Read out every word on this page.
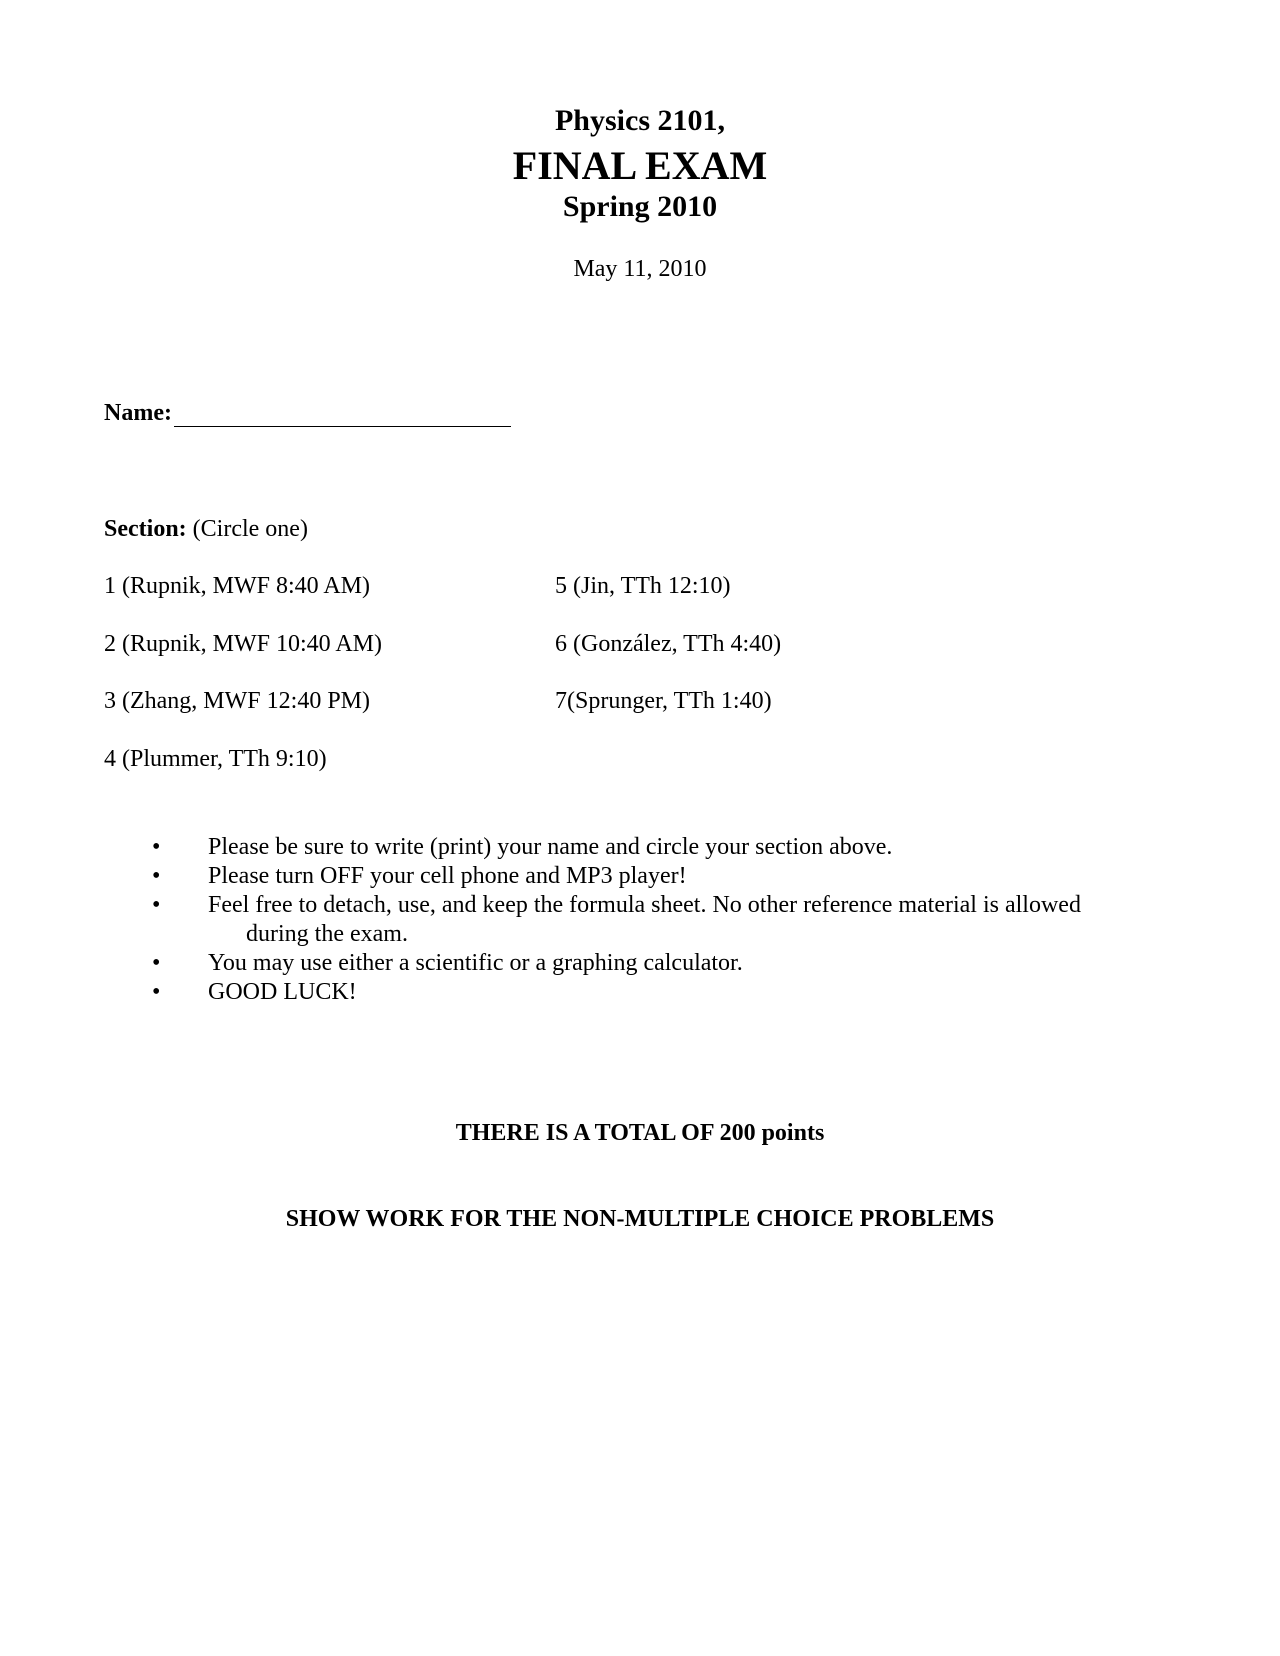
Physics 2101,
FINAL EXAM
Spring 2010
May 11, 2010
Name:
Section: (Circle one)
1 (Rupnik, MWF 8:40 AM)
2 (Rupnik, MWF 10:40 AM)
3 (Zhang, MWF 12:40 PM)
4 (Plummer, TTh 9:10)
5 (Jin, TTh 12:10)
6 (González, TTh 4:40)
7(Sprunger, TTh 1:40)
• Please be sure to write (print) your name and circle your section above.
• Please turn OFF your cell phone and MP3 player!
• Feel free to detach, use, and keep the formula sheet. No other reference material is allowed
during the exam.
• You may use either a scientific or a graphing calculator.
• GOOD LUCK!
THERE IS A TOTAL OF 200 points
SHOW WORK FOR THE NON-MULTIPLE CHOICE PROBLEMS
